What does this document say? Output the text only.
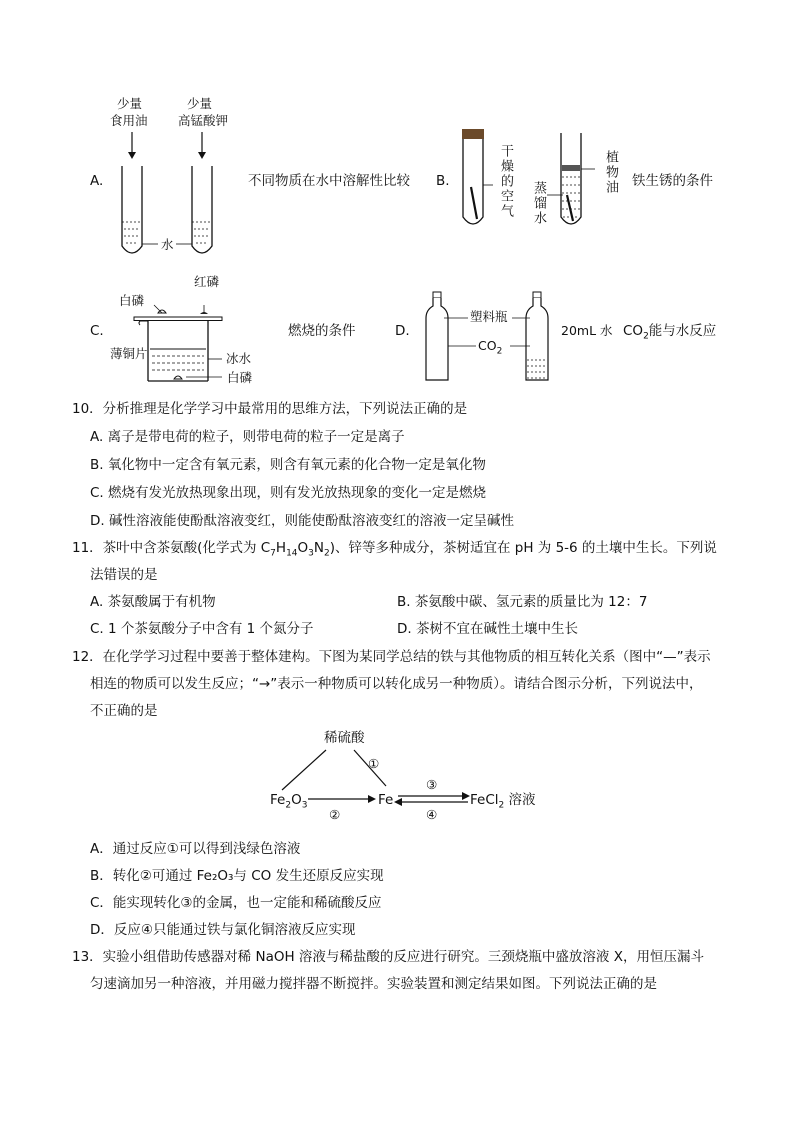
少量
食用油
少量
高锰酸钾
A.
水
不同物质在水中溶解性比较 B.	干燥的空气 蒸馏水
植物油 铁生锈的条件
白磷
红磷
C.
薄铜片	冰水
白磷
燃烧的条件	D.
塑料瓶
$CO_2$
20mL 水 $CO_2$能与水反应
10．分析推理是化学学习中最常用的思维方法，下列说法正确的是
A. 离子是带电荷的粒子，则带电荷的粒子一定是离子
B. 氧化物中一定含有氧元素，则含有氧元素的化合物一定是氧化物
C. 燃烧有发光放热现象出现，则有发光放热现象的变化一定是燃烧
D. 碱性溶液能使酚酞溶液变红，则能使酚酞溶液变红的溶液一定呈碱性
11．茶叶中含茶氨酸(化学式为 $C_7H_{14}O_3N_2$)、锌等多种成分，茶树适宜在 pH 为 5-6 的土壤中生长。下列说
法错误的是
A. 茶氨酸属于有机物	B. 茶氨酸中碳、氢元素的质量比为 12：7
C. 1 个茶氨酸分子中含有 1 个氮分子	D. 茶树不宜在碱性土壤中生长
12．在化学学习过程中要善于整体建构。下图为某同学总结的铁与其他物质的相互转化关系（图中“—”表示
相连的物质可以发生反应；“→”表示一种物质可以转化成另一种物质）。请结合图示分析，下列说法中，
不正确的是
稀硫酸
$Fe_2O_3$	Fe	FeCl$_2$ 溶液
①
②
③
④
A．通过反应①可以得到浅绿色溶液
B．转化②可通过 Fe₂O₃与 CO 发生还原反应实现
C．能实现转化③的金属，也一定能和稀硫酸反应
D．反应④只能通过铁与氯化铜溶液反应实现
13．实验小组借助传感器对稀 NaOH 溶液与稀盐酸的反应进行研究。三颈烧瓶中盛放溶液 X，用恒压漏斗
匀速滴加另一种溶液，并用磁力搅拌器不断搅拌。实验装置和测定结果如图。下列说法正确的是
